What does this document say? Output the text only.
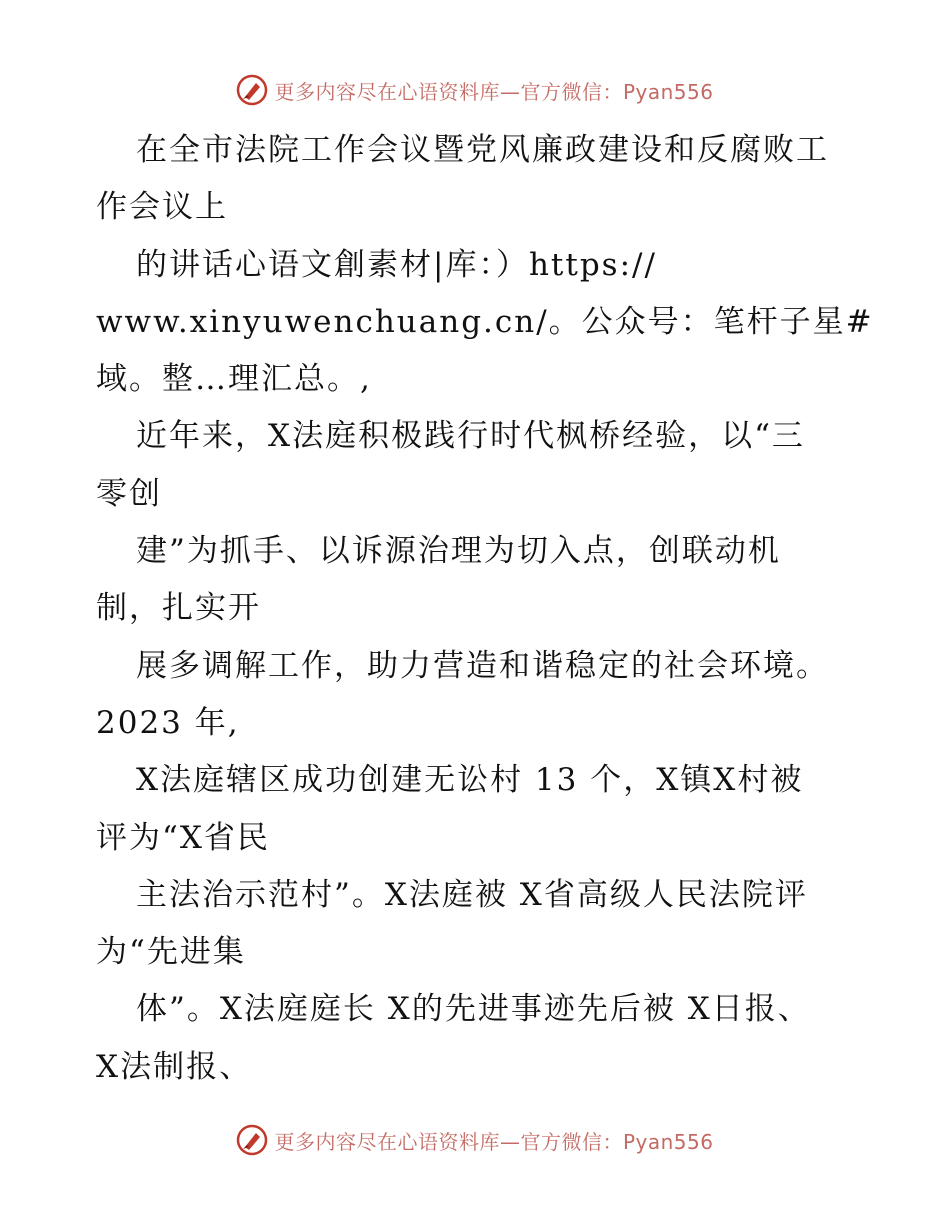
更多内容尽在心语资料库—官方微信：Pyan556
在全市法院工作会议暨党风廉政建设和反腐败工
作会议上
的讲话心语文創素材|库：）https://
www.xinyuwenchuang.cn/。公众号：笔杆子星#
域。整…理汇总。,
近年来，X法庭积极践行时代枫桥经验，以“三
零创
建”为抓手、以诉源治理为切入点，创联动机
制，扎实开
展多调解工作，助力营造和谐稳定的社会环境。
2023 年,
X法庭辖区成功创建无讼村 13 个，X镇X村被
评为“X省民
主法治示范村”。X法庭被 X省高级人民法院评
为“先进集
体”。X法庭庭长 X的先进事迹先后被 X日报、
X法制报、
更多内容尽在心语资料库—官方微信：Pyan556
